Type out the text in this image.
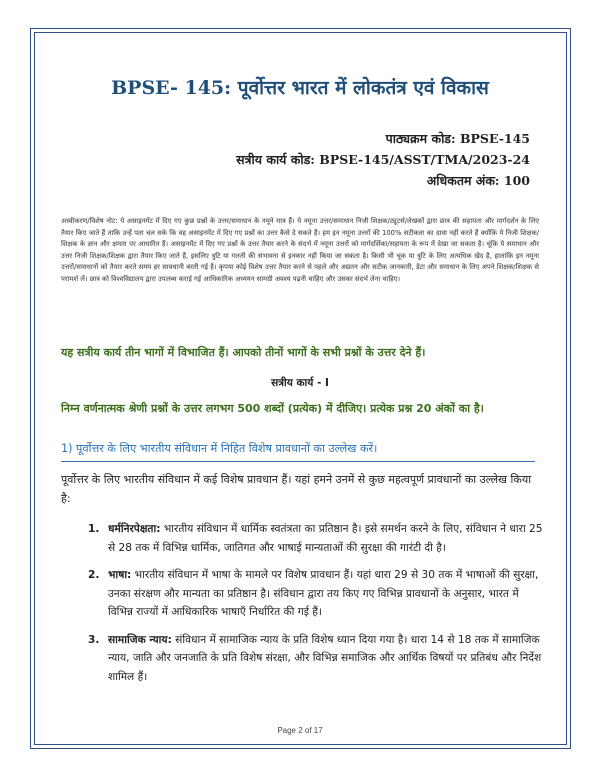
BPSE- 145: पूर्वोत्तर भारत में लोकतंत्र एवं विकास
पाठ्यक्रम कोड: BPSE-145
सत्रीय कार्य कोड: BPSE-145/ASST/TMA/2023-24
अधिकतम अंक: 100

अस्वीकरण/विशेष नोट: ये असाइनमेंट में दिए गए कुछ प्रश्नों के उत्तर/समाधान के नमूने मात्र हैं। ये नमूना उत्तर/समाधान निजी शिक्षक/ट्यूटर्स/लेखकों द्वारा छात्र की सहायता और मार्गदर्शन के लिए तैयार किए जाते हैं ताकि उन्हें पता चल सके कि वह असाइनमेंट में दिए गए प्रश्नों का उत्तर कैसे दे सकते हैं। हम इन नमूना उत्तरों की 100% सटीकता का दावा नहीं करते हैं क्योंकि ये निजी शिक्षक/शिक्षक के ज्ञान और क्षमता पर आधारित हैं। असाइनमेंट में दिए गए प्रश्नों के उत्तर तैयार करने के संदर्भ में नमूना उत्तरों को मार्गदर्शिका/सहायता के रूप में देखा जा सकता है। चूंकि ये समाधान और उत्तर निजी शिक्षक/शिक्षक द्वारा तैयार किए जाते हैं, इसलिए त्रुटि या गलती की संभावना से इनकार नहीं किया जा सकता है। किसी भी चूक या त्रुटि के लिए अत्यधिक खेद है, हालांकि इन नमूना उत्तरों/समाधानों को तैयार करते समय हर सावधानी बरती गई है। कृपया कोई विशेष उत्तर तैयार करने से पहले और अद्यतन और सटीक जानकारी, डेटा और समाधान के लिए अपने शिक्षक/शिक्षक से परामर्श लें। छात्र को विश्वविद्यालय द्वारा उपलब्ध कराई गई आधिकारिक अध्ययन सामग्री अवश्य पढ़नी चाहिए और उसका संदर्भ लेना चाहिए।

यह सत्रीय कार्य तीन भागों में विभाजित हैं। आपको तीनों भागों के सभी प्रश्नों के उत्तर देने हैं।

सत्रीय कार्य - I

निम्न वर्णनात्मक श्रेणी प्रश्नों के उत्तर लगभग 500 शब्दों (प्रत्येक) में दीजिए। प्रत्येक प्रश्न 20 अंकों का है।

1) पूर्वोत्तर के लिए भारतीय संविधान में निहित विशेष प्रावधानों का उल्लेख करें।

पूर्वोत्तर के लिए भारतीय संविधान में कई विशेष प्रावधान हैं। यहां हमने उनमें से कुछ महत्वपूर्ण प्रावधानों का उल्लेख किया है:

1. धर्मनिरपेक्षता: भारतीय संविधान में धार्मिक स्वतंत्रता का प्रतिष्ठान है। इसे समर्थन करने के लिए, संविधान ने धारा 25 से 28 तक में विभिन्न धार्मिक, जातिगत और भाषाई मान्यताओं की सुरक्षा की गारंटी दी है।
2. भाषा: भारतीय संविधान में भाषा के मामले पर विशेष प्रावधान हैं। यहां धारा 29 से 30 तक में भाषाओं की सुरक्षा, उनका संरक्षण और मान्यता का प्रतिष्ठान है। संविधान द्वारा तय किए गए विभिन्न प्रावधानों के अनुसार, भारत में विभिन्न राज्यों में आधिकारिक भाषाएँ निर्धारित की गई हैं।
3. सामाजिक न्याय: संविधान में सामाजिक न्याय के प्रति विशेष ध्यान दिया गया है। धारा 14 से 18 तक में सामाजिक न्याय, जाति और जनजाति के प्रति विशेष संरक्षा, और विभिन्न समाजिक और आर्थिक विषयों पर प्रतिबंध और निर्देश शामिल हैं।
Page 2 of 17
